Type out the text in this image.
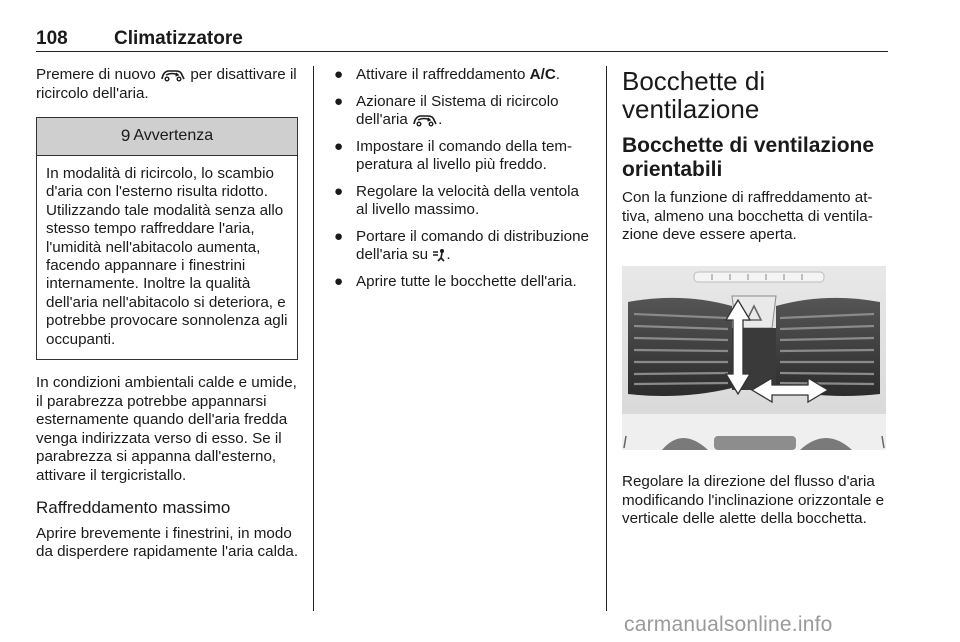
108 Climatizzatore

Premere di nuovo  per disattivare il ricircolo dell'aria.

9 Avvertenza
In modalità di ricircolo, lo scambio d'aria con l'esterno risulta ridotto. Utilizzando tale modalità senza allo stesso tempo raffreddare l'aria, l'umidità nell'abitacolo aumenta, facendo appannare i finestrini internamente. Inoltre la qualità dell'aria nell'abitacolo si deteriora, e potrebbe provocare sonnolenza agli occupanti.

In condizioni ambientali calde e umide, il parabrezza potrebbe appannarsi esternamente quando dell'aria fredda venga indirizzata verso di esso. Se il parabrezza si appanna dall'esterno, attivare il tergicristallo.

Raffreddamento massimo

Aprire brevemente i finestrini, in modo da disperdere rapidamente l'aria calda.

● Attivare il raffreddamento A/C.
● Azionare il Sistema di ricircolo dell'aria .
● Impostare il comando della temperatura al livello più freddo.
● Regolare la velocità della ventola al livello massimo.
● Portare il comando di distribuzione dell'aria su .
● Aprire tutte le bocchette dell'aria.
Bocchette di ventilazione
Bocchette di ventilazione orientabili

Con la funzione di raffreddamento attiva, almeno una bocchetta di ventilazione deve essere aperta.

Regolare la direzione del flusso d'aria modificando l'inclinazione orizzontale e verticale delle alette della bocchetta.

carmanualsonline.info
